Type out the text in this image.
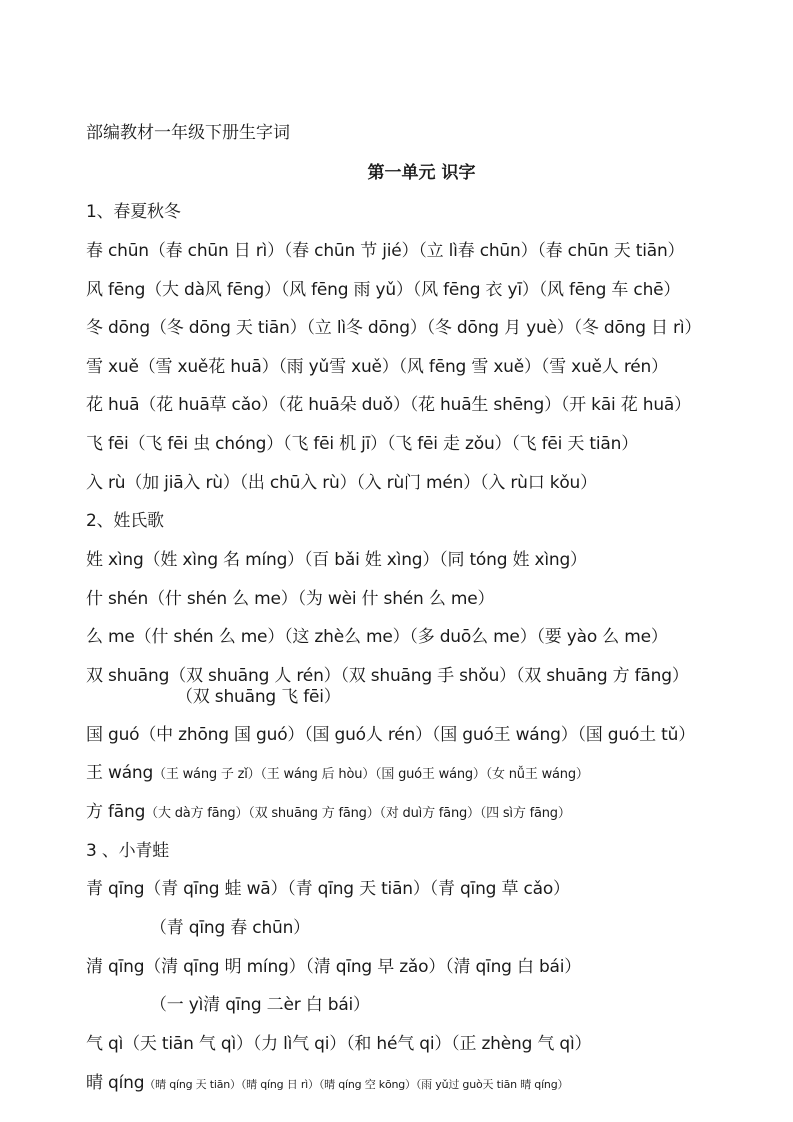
部编教材一年级下册生字词
第一单元 识字
1、春夏秋冬
春 chūn（春 chūn 日 rì）（春 chūn 节 jié）（立 lì春 chūn）（春 chūn 天 tiān）
风 fēng（大 dà风 fēng）（风 fēng 雨 yǔ）（风 fēng 衣 yī）（风 fēng 车 chē）
冬 dōng（冬 dōng 天 tiān）（立 lì冬 dōng）（冬 dōng 月 yuè）（冬 dōng 日 rì）
雪 xuě（雪 xuě花 huā）（雨 yǔ雪 xuě）（风 fēng 雪 xuě）（雪 xuě人 rén）
花 huā（花 huā草 cǎo）（花 huā朵 duǒ）（花 huā生 shēng）（开 kāi 花 huā）
飞 fēi（飞 fēi 虫 chóng）（飞 fēi 机 jī）（飞 fēi 走 zǒu）（飞 fēi 天 tiān）
入 rù（加 jiā入 rù）（出 chū入 rù）（入 rù门 mén）（入 rù口 kǒu）
2、姓氏歌
姓 xìng（姓 xìng 名 míng）（百 bǎi 姓 xìng）（同 tóng 姓 xìng）
什 shén（什 shén 么 me）（为 wèi 什 shén 么 me）
么 me（什 shén 么 me）（这 zhè么 me）（多 duō么 me）（要 yào 么 me）
双 shuāng（双 shuāng 人 rén）（双 shuāng 手 shǒu）（双 shuāng 方 fāng）
（双 shuāng 飞 fēi）
国 guó（中 zhōng 国 guó）（国 guó人 rén）（国 guó王 wáng）（国 guó土 tǔ）
王 wáng（王 wáng 子 zǐ）（王 wáng 后 hòu）（国 guó王 wáng）（女 nǚ王 wáng）
方 fāng（大 dà方 fāng）（双 shuāng 方 fāng）（对 duì方 fāng）（四 sì方 fāng）
3 、小青蛙
青 qīng（青 qīng 蛙 wā）（青 qīng 天 tiān）（青 qīng 草 cǎo）
（青 qīng 春 chūn）
清 qīng（清 qīng 明 míng）（清 qīng 早 zǎo）（清 qīng 白 bái）
（一 yì清 qīng 二èr 白 bái）
气 qì（天 tiān 气 qì）（力 lì气 qi）（和 hé气 qi）（正 zhèng 气 qì）
晴 qíng（晴 qíng 天 tiān）（晴 qíng 日 rì）（晴 qíng 空 kōng）（雨 yǔ过 guò天 tiān 晴 qíng）
